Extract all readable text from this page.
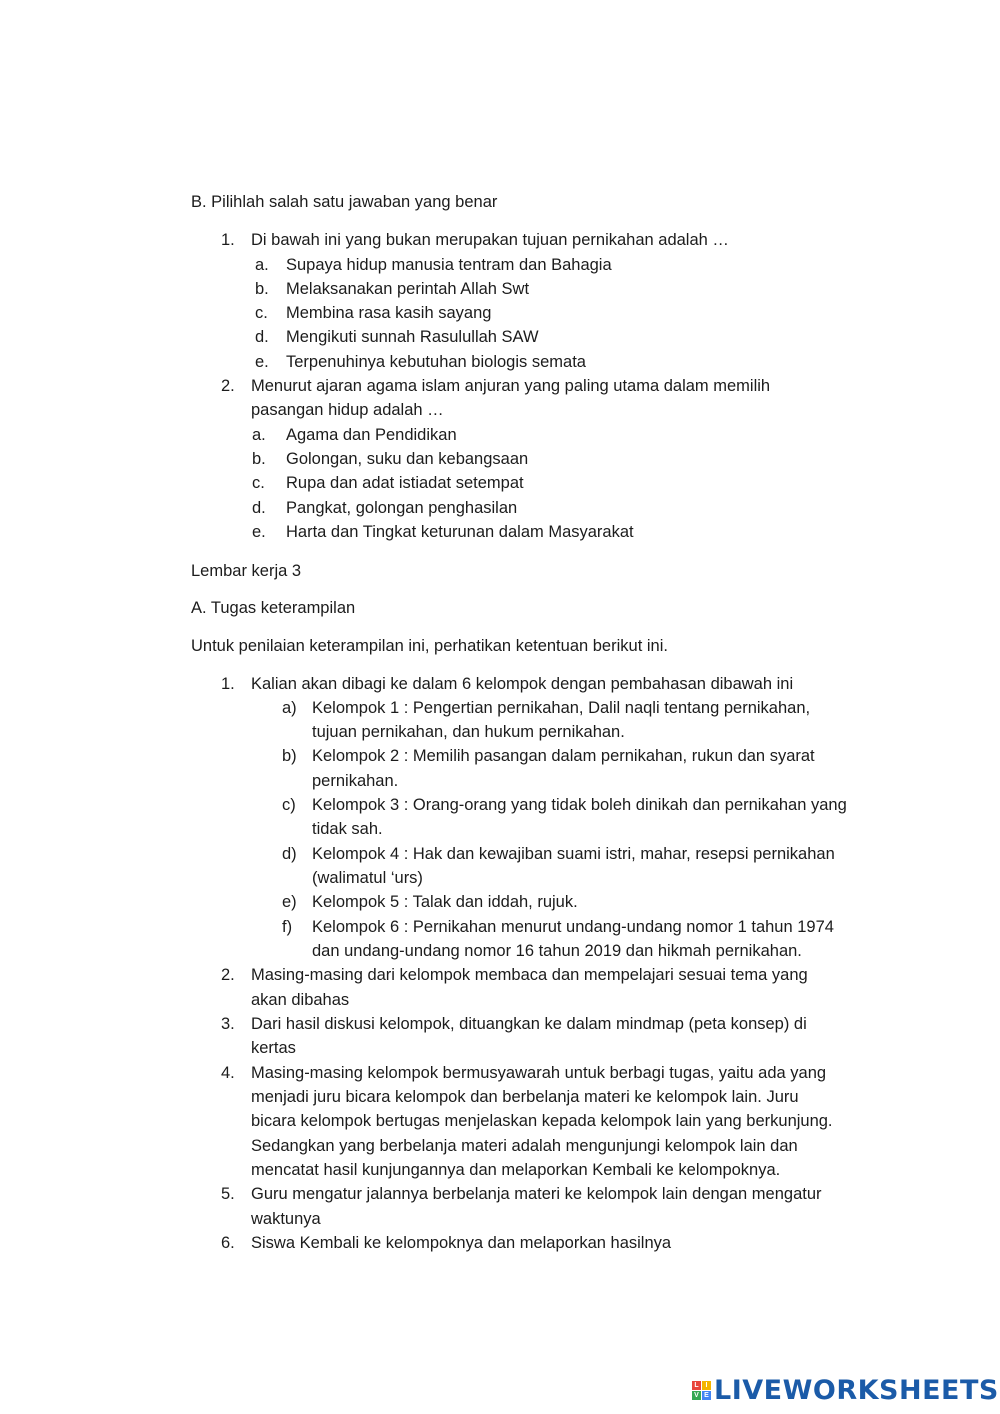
B. Pilihlah salah satu jawaban yang benar
1. Di bawah ini yang bukan merupakan tujuan pernikahan adalah …
a. Supaya hidup manusia tentram dan Bahagia
b. Melaksanakan perintah Allah Swt
c. Membina rasa kasih sayang
d. Mengikuti sunnah Rasulullah SAW
e. Terpenuhinya kebutuhan biologis semata
2. Menurut ajaran agama islam anjuran yang paling utama dalam memilih
pasangan hidup adalah …
a. Agama dan Pendidikan
b. Golongan, suku dan kebangsaan
c. Rupa dan adat istiadat setempat
d. Pangkat, golongan penghasilan
e. Harta dan Tingkat keturunan dalam Masyarakat
Lembar kerja 3
A. Tugas keterampilan
Untuk penilaian keterampilan ini, perhatikan ketentuan berikut ini.
1. Kalian akan dibagi ke dalam 6 kelompok dengan pembahasan dibawah ini
a) Kelompok 1 : Pengertian pernikahan, Dalil naqli tentang pernikahan,
tujuan pernikahan, dan hukum pernikahan.
b) Kelompok 2 : Memilih pasangan dalam pernikahan, rukun dan syarat
pernikahan.
c) Kelompok 3 : Orang-orang yang tidak boleh dinikah dan pernikahan yang
tidak sah.
d) Kelompok 4 : Hak dan kewajiban suami istri, mahar, resepsi pernikahan
(walimatul ‘urs)
e) Kelompok 5 : Talak dan iddah, rujuk.
f) Kelompok 6 : Pernikahan menurut undang-undang nomor 1 tahun 1974
dan undang-undang nomor 16 tahun 2019 dan hikmah pernikahan.
2. Masing-masing dari kelompok membaca dan mempelajari sesuai tema yang
akan dibahas
3. Dari hasil diskusi kelompok, dituangkan ke dalam mindmap (peta konsep) di
kertas
4. Masing-masing kelompok bermusyawarah untuk berbagi tugas, yaitu ada yang
menjadi juru bicara kelompok dan berbelanja materi ke kelompok lain. Juru
bicara kelompok bertugas menjelaskan kepada kelompok lain yang berkunjung.
Sedangkan yang berbelanja materi adalah mengunjungi kelompok lain dan
mencatat hasil kunjungannya dan melaporkan Kembali ke kelompoknya.
5. Guru mengatur jalannya berbelanja materi ke kelompok lain dengan mengatur
waktunya
6. Siswa Kembali ke kelompoknya dan melaporkan hasilnya
L I
V E LIVEWORKSHEETS
